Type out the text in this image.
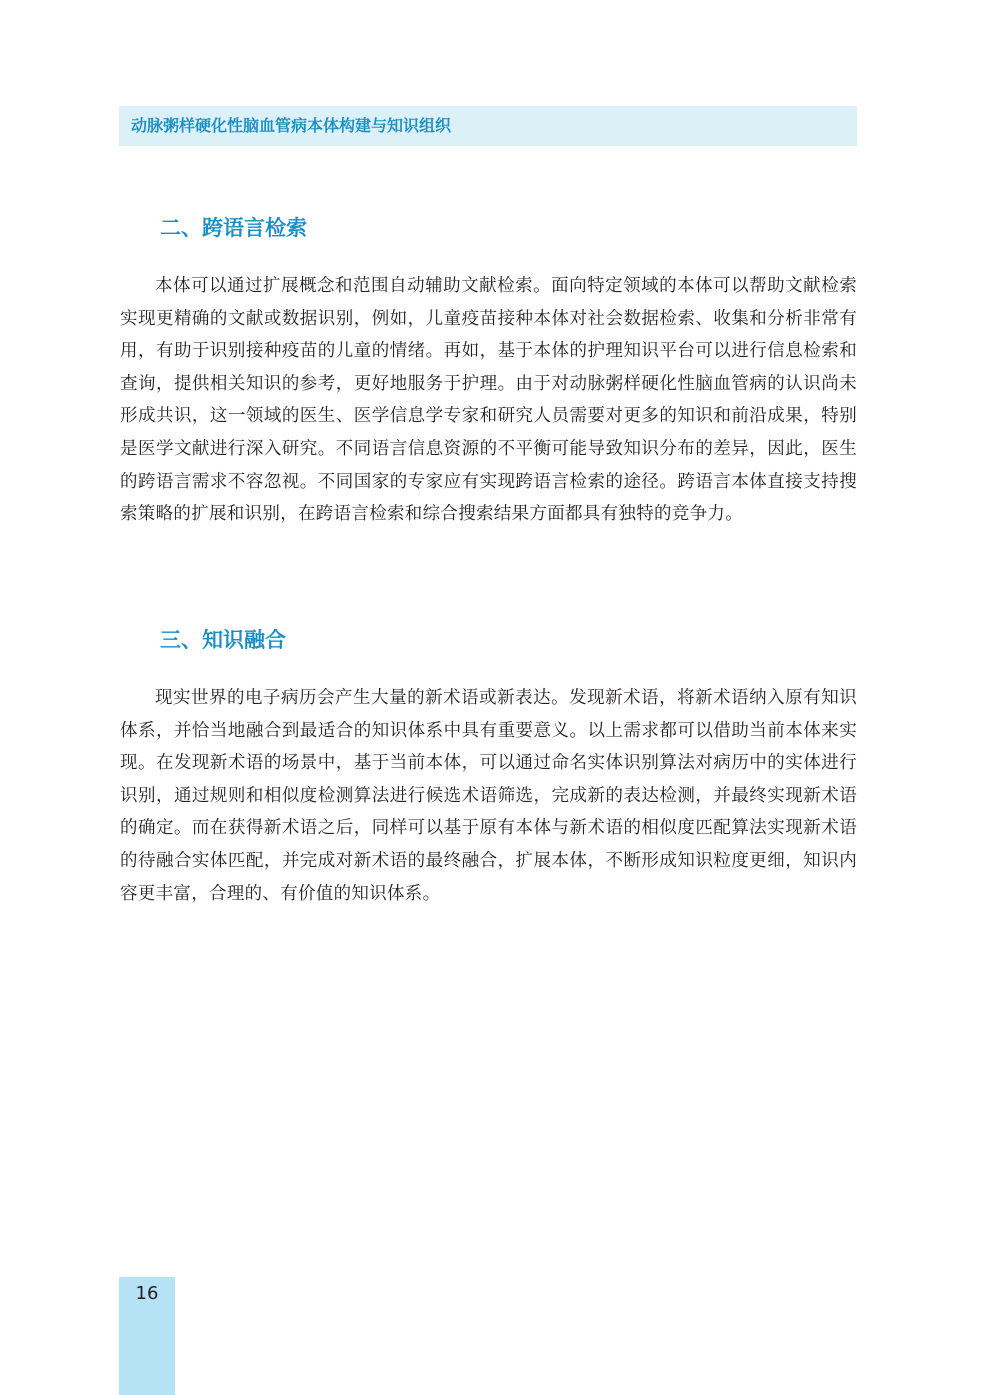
动脉粥样硬化性脑血管病本体构建与知识组织
二、跨语言检索

本体可以通过扩展概念和范围自动辅助文献检索。面向特定领域的本体可以帮助文献检索实现更精确的文献或数据识别，例如，儿童疫苗接种本体对社会数据检索、收集和分析非常有用，有助于识别接种疫苗的儿童的情绪。再如，基于本体的护理知识平台可以进行信息检索和查询，提供相关知识的参考，更好地服务于护理。由于对动脉粥样硬化性脑血管病的认识尚未形成共识，这一领域的医生、医学信息学专家和研究人员需要对更多的知识和前沿成果，特别是医学文献进行深入研究。不同语言信息资源的不平衡可能导致知识分布的差异，因此，医生的跨语言需求不容忽视。不同国家的专家应有实现跨语言检索的途径。跨语言本体直接支持搜索策略的扩展和识别，在跨语言检索和综合搜索结果方面都具有独特的竞争力。

三、知识融合

现实世界的电子病历会产生大量的新术语或新表达。发现新术语，将新术语纳入原有知识体系，并恰当地融合到最适合的知识体系中具有重要意义。以上需求都可以借助当前本体来实现。在发现新术语的场景中，基于当前本体，可以通过命名实体识别算法对病历中的实体进行识别，通过规则和相似度检测算法进行候选术语筛选，完成新的表达检测，并最终实现新术语的确定。而在获得新术语之后，同样可以基于原有本体与新术语的相似度匹配算法实现新术语的待融合实体匹配，并完成对新术语的最终融合，扩展本体，不断形成知识粒度更细，知识内容更丰富，合理的、有价值的知识体系。

16
